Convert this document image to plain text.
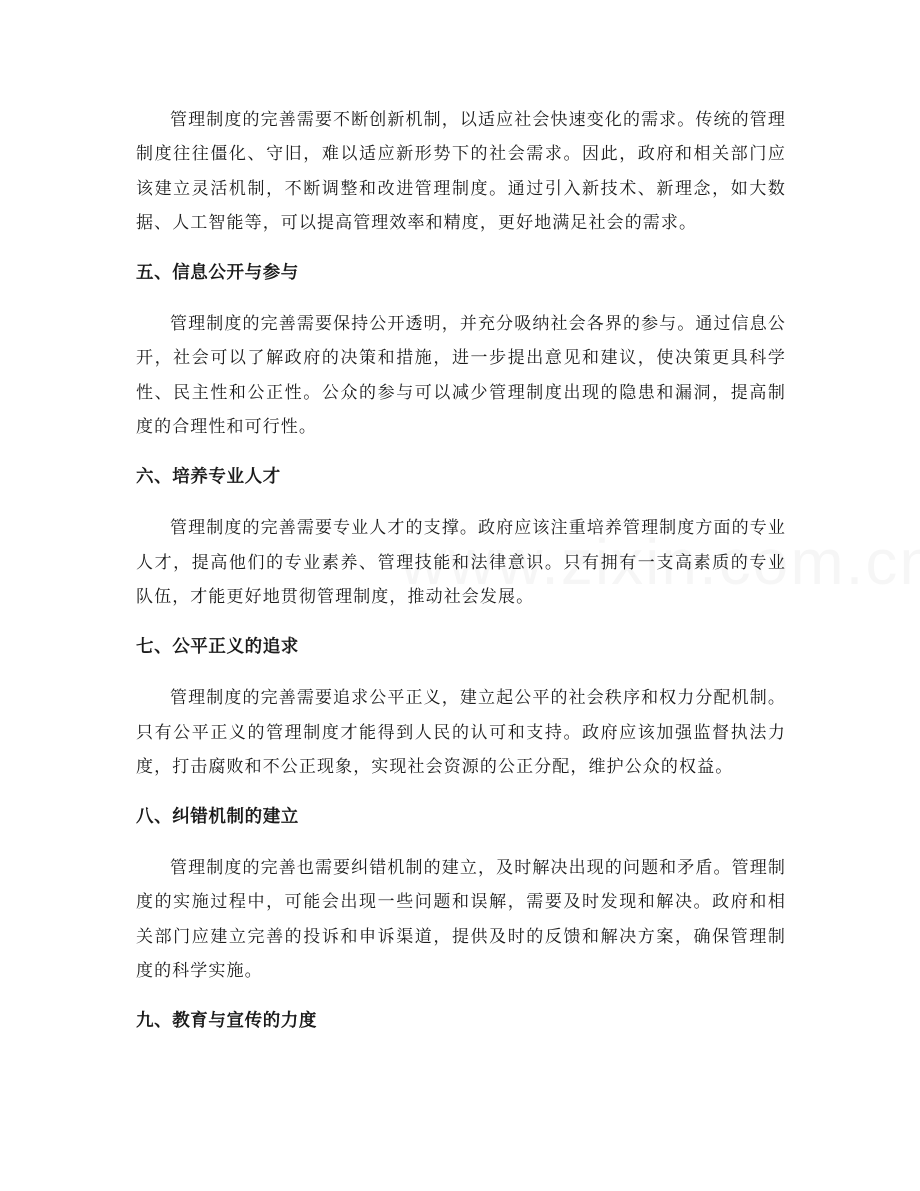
管理制度的完善需要不断创新机制，以适应社会快速变化的需求。传统的管理制度往往僵化、守旧，难以适应新形势下的社会需求。因此，政府和相关部门应该建立灵活机制，不断调整和改进管理制度。通过引入新技术、新理念，如大数据、人工智能等，可以提高管理效率和精度，更好地满足社会的需求。

五、信息公开与参与

管理制度的完善需要保持公开透明，并充分吸纳社会各界的参与。通过信息公开，社会可以了解政府的决策和措施，进一步提出意见和建议，使决策更具科学性、民主性和公正性。公众的参与可以减少管理制度出现的隐患和漏洞，提高制度的合理性和可行性。

六、培养专业人才

管理制度的完善需要专业人才的支撑。政府应该注重培养管理制度方面的专业人才，提高他们的专业素养、管理技能和法律意识。只有拥有一支高素质的专业队伍，才能更好地贯彻管理制度，推动社会发展。

七、公平正义的追求

管理制度的完善需要追求公平正义，建立起公平的社会秩序和权力分配机制。只有公平正义的管理制度才能得到人民的认可和支持。政府应该加强监督执法力度，打击腐败和不公正现象，实现社会资源的公正分配，维护公众的权益。

八、纠错机制的建立

管理制度的完善也需要纠错机制的建立，及时解决出现的问题和矛盾。管理制度的实施过程中，可能会出现一些问题和误解，需要及时发现和解决。政府和相关部门应建立完善的投诉和申诉渠道，提供及时的反馈和解决方案，确保管理制度的科学实施。

九、教育与宣传的力度
